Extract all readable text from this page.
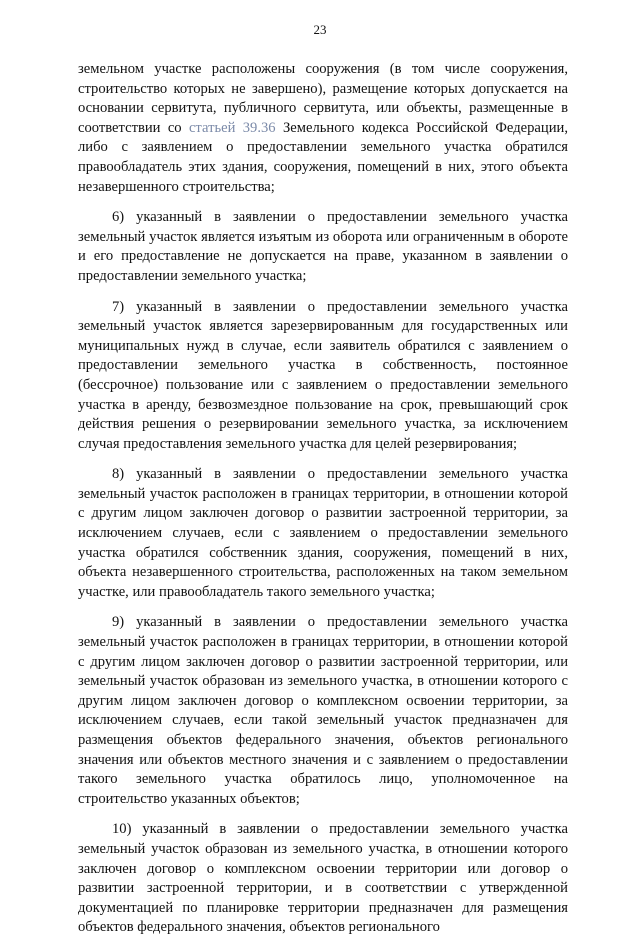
23

земельном участке расположены сооружения (в том числе сооружения, строительство которых не завершено), размещение которых допускается на основании сервитута, публичного сервитута, или объекты, размещенные в соответствии со статьей 39.36 Земельного кодекса Российской Федерации, либо с заявлением о предоставлении земельного участка обратился правообладатель этих здания, сооружения, помещений в них, этого объекта незавершенного строительства;

6) указанный в заявлении о предоставлении земельного участка земельный участок является изъятым из оборота или ограниченным в обороте и его предоставление не допускается на праве, указанном в заявлении о предоставлении земельного участка;

7) указанный в заявлении о предоставлении земельного участка земельный участок является зарезервированным для государственных или муниципальных нужд в случае, если заявитель обратился с заявлением о предоставлении земельного участка в собственность, постоянное (бессрочное) пользование или с заявлением о предоставлении земельного участка в аренду, безвозмездное пользование на срок, превышающий срок действия решения о резервировании земельного участка, за исключением случая предоставления земельного участка для целей резервирования;

8) указанный в заявлении о предоставлении земельного участка земельный участок расположен в границах территории, в отношении которой с другим лицом заключен договор о развитии застроенной территории, за исключением случаев, если с заявлением о предоставлении земельного участка обратился собственник здания, сооружения, помещений в них, объекта незавершенного строительства, расположенных на таком земельном участке, или правообладатель такого земельного участка;

9) указанный в заявлении о предоставлении земельного участка земельный участок расположен в границах территории, в отношении которой с другим лицом заключен договор о развитии застроенной территории, или земельный участок образован из земельного участка, в отношении которого с другим лицом заключен договор о комплексном освоении территории, за исключением случаев, если такой земельный участок предназначен для размещения объектов федерального значения, объектов регионального значения или объектов местного значения и с заявлением о предоставлении такого земельного участка обратилось лицо, уполномоченное на строительство указанных объектов;

10) указанный в заявлении о предоставлении земельного участка земельный участок образован из земельного участка, в отношении которого заключен договор о комплексном освоении территории или договор о развитии застроенной территории, и в соответствии с утвержденной документацией по планировке территории предназначен для размещения объектов федерального значения, объектов регионального
